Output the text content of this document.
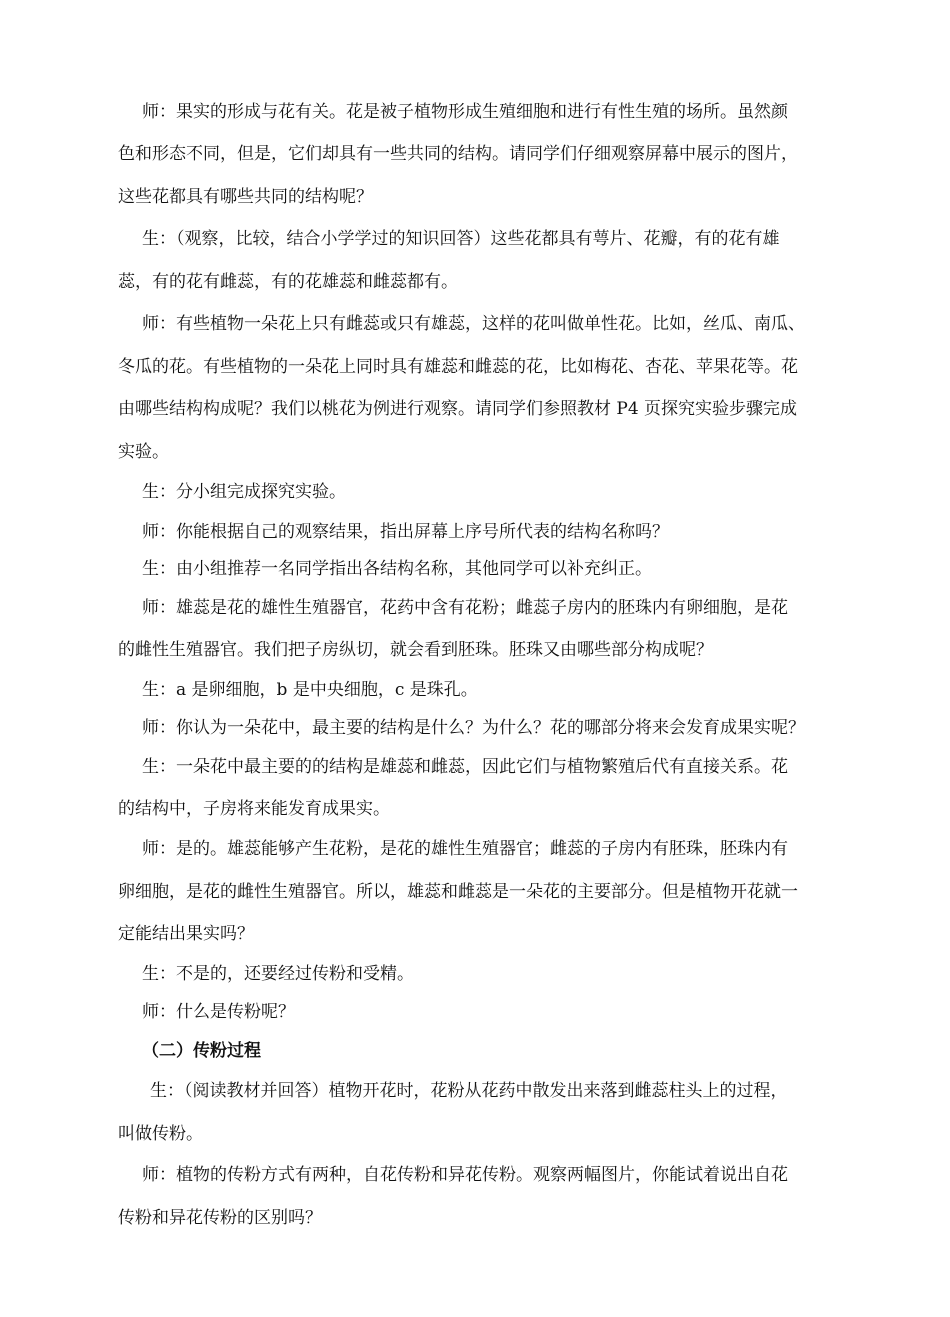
师：果实的形成与花有关。花是被子植物形成生殖细胞和进行有性生殖的场所。虽然颜
色和形态不同，但是，它们却具有一些共同的结构。请同学们仔细观察屏幕中展示的图片，
这些花都具有哪些共同的结构呢？
生：（观察，比较，结合小学学过的知识回答）这些花都具有萼片、花瓣，有的花有雄
蕊，有的花有雌蕊，有的花雄蕊和雌蕊都有。
师：有些植物一朵花上只有雌蕊或只有雄蕊，这样的花叫做单性花。比如，丝瓜、南瓜、
冬瓜的花。有些植物的一朵花上同时具有雄蕊和雌蕊的花，比如梅花、杏花、苹果花等。花
由哪些结构构成呢？我们以桃花为例进行观察。请同学们参照教材 P4 页探究实验步骤完成
实验。
生：分小组完成探究实验。
师：你能根据自己的观察结果，指出屏幕上序号所代表的结构名称吗？
生：由小组推荐一名同学指出各结构名称，其他同学可以补充纠正。
师：雄蕊是花的雄性生殖器官，花药中含有花粉；雌蕊子房内的胚珠内有卵细胞，是花
的雌性生殖器官。我们把子房纵切，就会看到胚珠。胚珠又由哪些部分构成呢？
生：a 是卵细胞，b 是中央细胞，c 是珠孔。
师：你认为一朵花中，最主要的结构是什么？为什么？花的哪部分将来会发育成果实呢？
生：一朵花中最主要的的结构是雄蕊和雌蕊，因此它们与植物繁殖后代有直接关系。花
的结构中，子房将来能发育成果实。
师：是的。雄蕊能够产生花粉，是花的雄性生殖器官；雌蕊的子房内有胚珠，胚珠内有
卵细胞，是花的雌性生殖器官。所以，雄蕊和雌蕊是一朵花的主要部分。但是植物开花就一
定能结出果实吗？
生：不是的，还要经过传粉和受精。
（二）传粉过程
师：什么是传粉呢？
生：（阅读教材并回答）植物开花时，花粉从花药中散发出来落到雌蕊柱头上的过程，
叫做传粉。
师：植物的传粉方式有两种，自花传粉和异花传粉。观察两幅图片，你能试着说出自花
传粉和异花传粉的区别吗？
